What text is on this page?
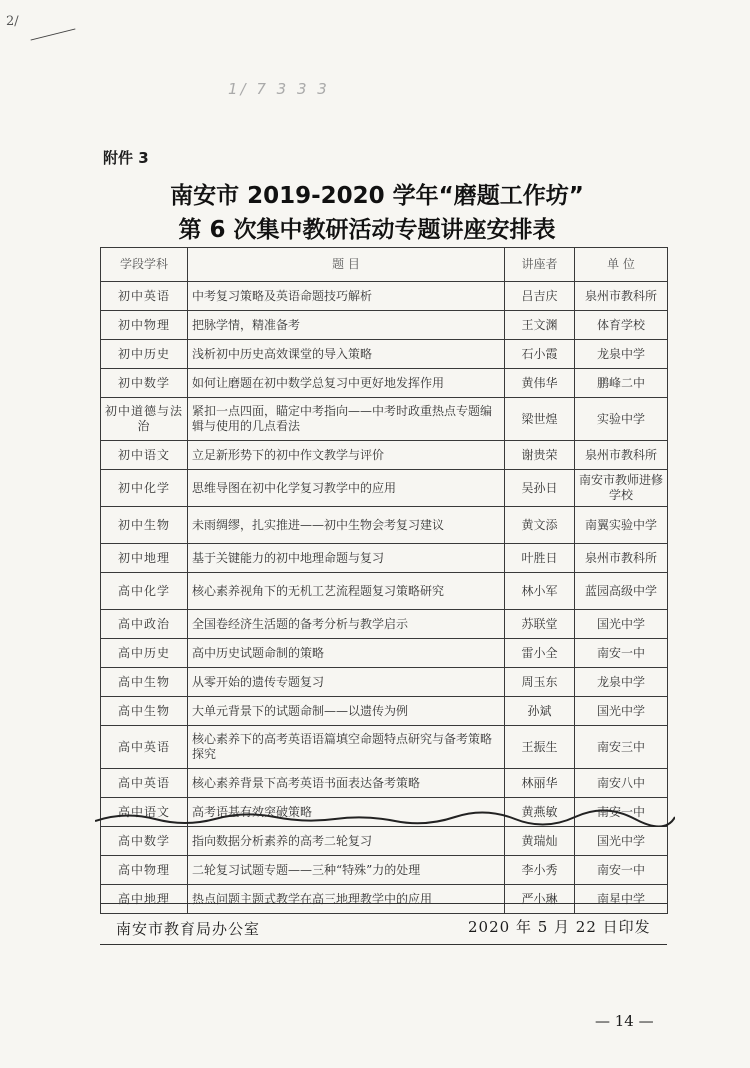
2/
1/ 7 3 3 3
附件 3
南安市 2019-2020 学年“磨题工作坊”
第 6 次集中教研活动专题讲座安排表
学段学科	题 目	讲座者	单 位
初中英语	中考复习策略及英语命题技巧解析	吕吉庆	泉州市教科所
初中物理	把脉学情，精准备考	王文渊	体育学校
初中历史	浅析初中历史高效课堂的导入策略	石小霞	龙泉中学
初中数学	如何让磨题在初中数学总复习中更好地发挥作用	黄伟华	鹏峰二中
初中道德与法治	紧扣一点四面，瞄定中考指向——中考时政重热点专题编辑与使用的几点看法	梁世煌	实验中学
初中语文	立足新形势下的初中作文教学与评价	谢贵荣	泉州市教科所
初中化学	思维导图在初中化学复习教学中的应用	吴孙日	南安市教师进修学校
初中生物	未雨绸缪，扎实推进——初中生物会考复习建议	黄文添	南翼实验中学
初中地理	基于关键能力的初中地理命题与复习	叶胜日	泉州市教科所
高中化学	核心素养视角下的无机工艺流程题复习策略研究	林小军	蓝园高级中学
高中政治	全国卷经济生活题的备考分析与教学启示	苏联堂	国光中学
高中历史	高中历史试题命制的策略	雷小全	南安一中
高中生物	从零开始的遗传专题复习	周玉东	龙泉中学
高中生物	大单元背景下的试题命制——以遗传为例	孙斌	国光中学
高中英语	核心素养下的高考英语语篇填空命题特点研究与备考策略探究	王振生	南安三中
高中英语	核心素养背景下高考英语书面表达备考策略	林丽华	南安八中
高中语文	高考语基有效突破策略	黄燕敏	南安一中
高中数学	指向数据分析素养的高考二轮复习	黄瑞灿	国光中学
高中物理	二轮复习试题专题——三种“特殊”力的处理	李小秀	南安一中
高中地理	热点问题主题式教学在高三地理教学中的应用	严小琳	南星中学
南安市教育局办公室	2020 年 5 月 22 日印发
— 14 —
